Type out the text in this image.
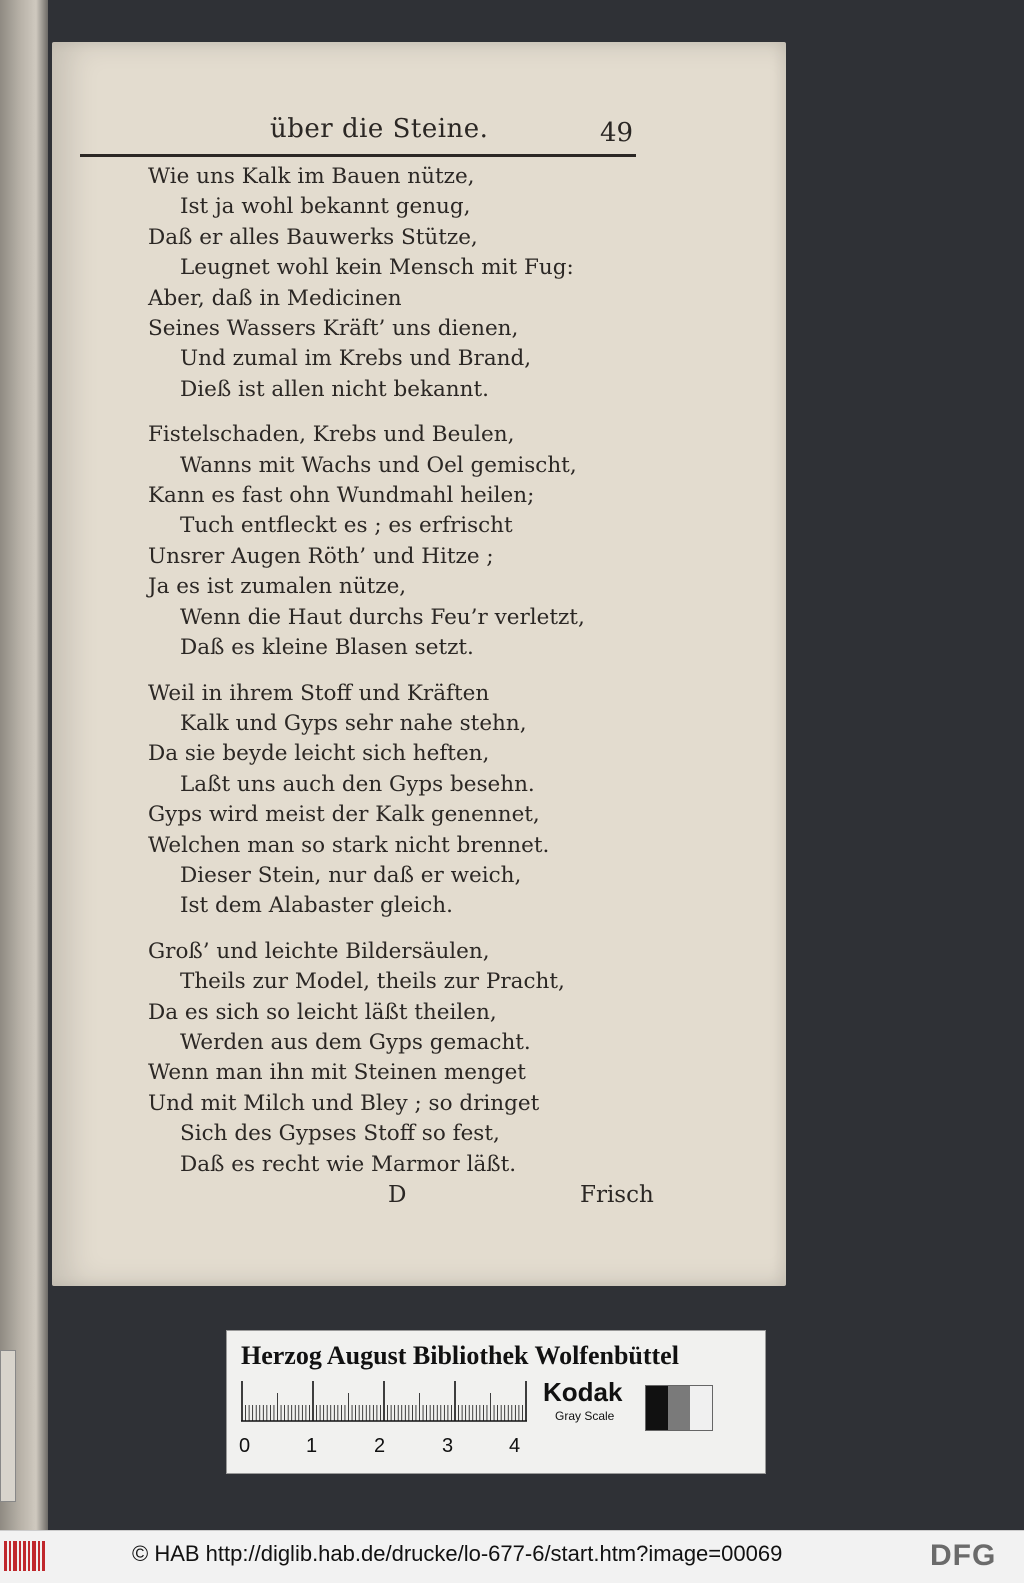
über die Steine.	49
Wie uns Kalk im Bauen nütze,
Ist ja wohl bekannt genug,
Daß er alles Bauwerks Stütze,
Leugnet wohl kein Mensch mit Fug:
Aber, daß in Medicinen
Seines Wassers Kräft’ uns dienen,
Und zumal im Krebs und Brand,
Dieß ist allen nicht bekannt.
Fistelschaden, Krebs und Beulen,
Wanns mit Wachs und Oel gemischt,
Kann es fast ohn Wundmahl heilen;
Tuch entfleckt es ; es erfrischt
Unsrer Augen Röth’ und Hitze ;
Ja es ist zumalen nütze,
Wenn die Haut durchs Feu’r verletzt,
Daß es kleine Blasen setzt.
Weil in ihrem Stoff und Kräften
Kalk und Gyps sehr nahe stehn,
Da sie beyde leicht sich heften,
Laßt uns auch den Gyps besehn.
Gyps wird meist der Kalk genennet,
Welchen man so stark nicht brennet.
Dieser Stein, nur daß er weich,
Ist dem Alabaster gleich.
Groß’ und leichte Bildersäulen,
Theils zur Model, theils zur Pracht,
Da es sich so leicht läßt theilen,
Werden aus dem Gyps gemacht.
Wenn man ihn mit Steinen menget
Und mit Milch und Bley ; so dringet
Sich des Gypses Stoff so fest,
Daß es recht wie Marmor läßt.
D	Frisch
Herzog August Bibliothek Wolfenbüttel
0	1	2	3	4
Kodak
Gray Scale
© HAB http://diglib.hab.de/drucke/lo-677-6/start.htm?image=00069	DFG
